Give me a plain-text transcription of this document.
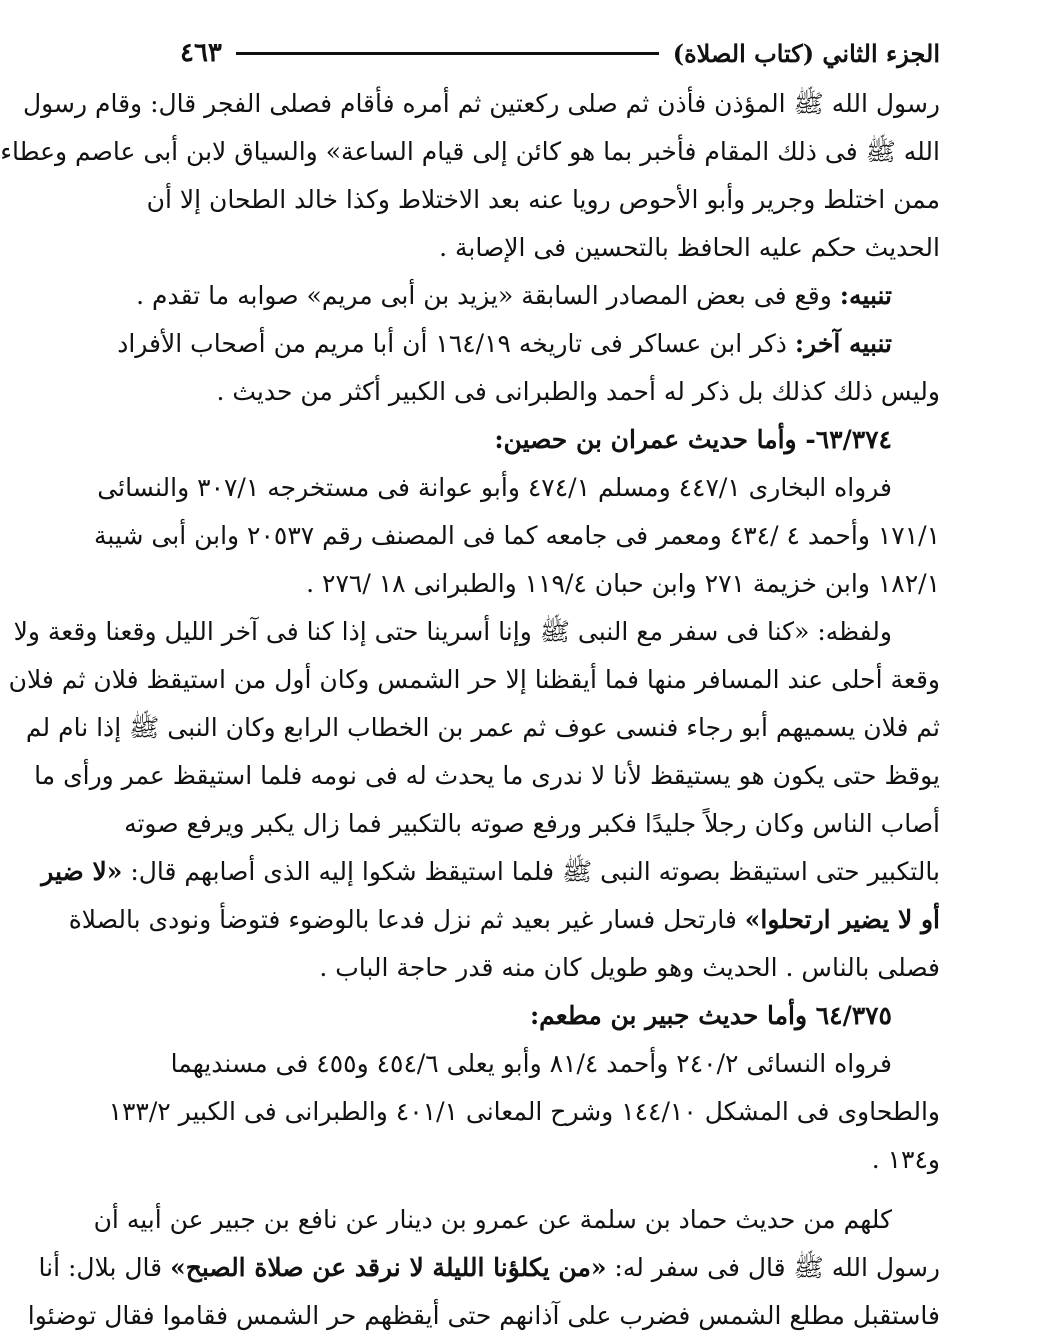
الجزء الثاني (كتاب الصلاة)
٤٦٣
رسول الله ﷺ المؤذن فأذن ثم صلى ركعتين ثم أمره فأقام فصلى الفجر قال: وقام رسول
الله ﷺ فى ذلك المقام فأخبر بما هو كائن إلى قيام الساعة» والسياق لابن أبى عاصم وعطاء
ممن اختلط وجرير وأبو الأحوص رويا عنه بعد الاختلاط وكذا خالد الطحان إلا أن
الحديث حكم عليه الحافظ بالتحسين فى الإصابة .
تنبيه: وقع فى بعض المصادر السابقة «يزيد بن أبى مريم» صوابه ما تقدم .
تنبيه آخر: ذكر ابن عساكر فى تاريخه ١٦٤/١٩ أن أبا مريم من أصحاب الأفراد
وليس ذلك كذلك بل ذكر له أحمد والطبرانى فى الكبير أكثر من حديث .
٦٣/٣٧٤- وأما حديث عمران بن حصين:
فرواه البخارى ٤٤٧/١ ومسلم ٤٧٤/١ وأبو عوانة فى مستخرجه ٣٠٧/١ والنسائى
١٧١/١ وأحمد ٤ /٤٣٤ ومعمر فى جامعه كما فى المصنف رقم ٢٠٥٣٧ وابن أبى شيبة
١٨٢/١ وابن خزيمة ٢٧١ وابن حبان ١١٩/٤ والطبرانى ١٨ /٢٧٦ .
ولفظه: «كنا فى سفر مع النبى ﷺ وإنا أسرينا حتى إذا كنا فى آخر الليل وقعنا وقعة ولا
وقعة أحلى عند المسافر منها فما أيقظنا إلا حر الشمس وكان أول من استيقظ فلان ثم فلان
ثم فلان يسميهم أبو رجاء فنسى عوف ثم عمر بن الخطاب الرابع وكان النبى ﷺ إذا نام لم
يوقظ حتى يكون هو يستيقظ لأنا لا ندرى ما يحدث له فى نومه فلما استيقظ عمر ورأى ما
أصاب الناس وكان رجلاً جليدًا فكبر ورفع صوته بالتكبير فما زال يكبر ويرفع صوته
بالتكبير حتى استيقظ بصوته النبى ﷺ فلما استيقظ شكوا إليه الذى أصابهم قال: «لا ضير
أو لا يضير ارتحلوا» فارتحل فسار غير بعيد ثم نزل فدعا بالوضوء فتوضأ ونودى بالصلاة
فصلى بالناس . الحديث وهو طويل كان منه قدر حاجة الباب .
٦٤/٣٧٥ وأما حديث جبير بن مطعم:
فرواه النسائى ٢٤٠/٢ وأحمد ٨١/٤ وأبو يعلى ٤٥٤/٦ و٤٥٥ فى مسنديهما
والطحاوى فى المشكل ١٤٤/١٠ وشرح المعانى ٤٠١/١ والطبرانى فى الكبير ١٣٣/٢
و١٣٤ .
كلهم من حديث حماد بن سلمة عن عمرو بن دينار عن نافع بن جبير عن أبيه أن
رسول الله ﷺ قال فى سفر له: «من يكلؤنا الليلة لا نرقد عن صلاة الصبح» قال بلال: أنا
فاستقبل مطلع الشمس فضرب على آذانهم حتى أيقظهم حر الشمس فقاموا فقال توضئوا
